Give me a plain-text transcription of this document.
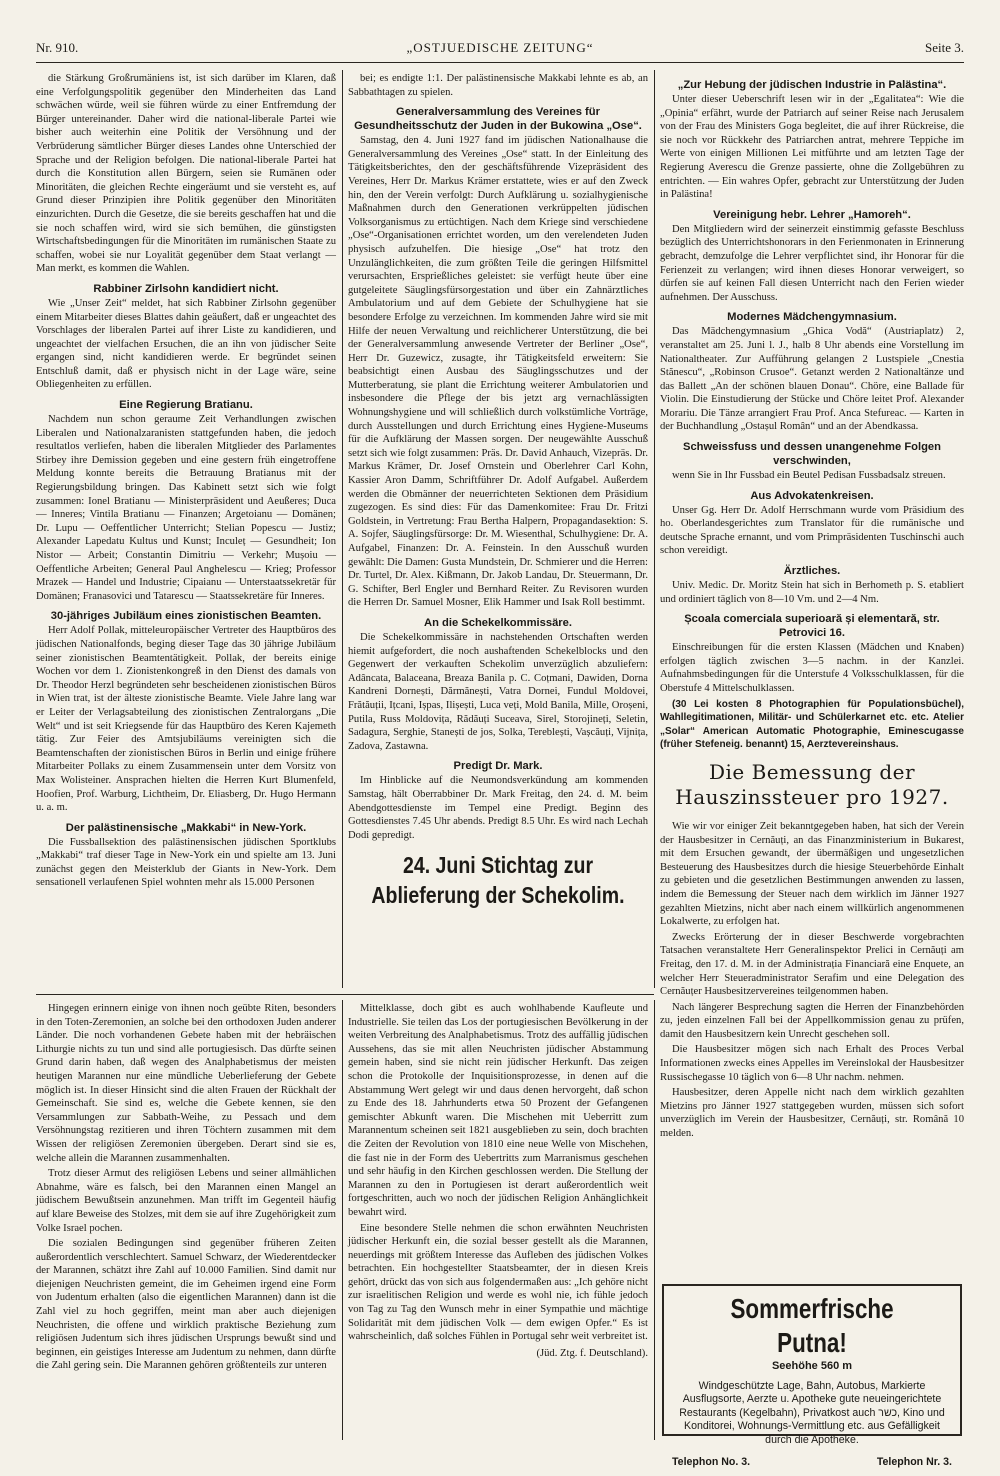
Nr. 910.	„OSTJUEDISCHE ZEITUNG“	Seite 3.

die Stärkung Großrumäniens ist, ist sich darüber im Klaren, daß eine Verfolgungspolitik gegenüber den Minderheiten das Land schwächen würde, weil sie führen würde zu einer Entfremdung der Bürger untereinander. Daher wird die national-liberale Partei wie bisher auch weiterhin eine Politik der Versöhnung und der Verbrüderung sämtlicher Bürger dieses Landes ohne Unterschied der Sprache und der Religion befolgen. Die national-liberale Partei hat durch die Konstitution allen Bürgern, seien sie Rumänen oder Minoritäten, die gleichen Rechte eingeräumt und sie versteht es, auf Grund dieser Prinzipien ihre Politik gegenüber den Minoritäten einzurichten. Durch die Gesetze, die sie bereits geschaffen hat und die sie noch schaffen wird, wird sie sich bemühen, die günstigsten Wirtschaftsbedingungen für die Minoritäten im rumänischen Staate zu schaffen, wobei sie nur Loyalität gegenüber dem Staat verlangt — Man merkt, es kommen die Wahlen.

Rabbiner Zirlsohn kandidiert nicht.

Wie „Unser Zeit“ meldet, hat sich Rabbiner Zirlsohn gegenüber einem Mitarbeiter dieses Blattes dahin geäußert, daß er ungeachtet des Vorschlages der liberalen Partei auf ihrer Liste zu kandidieren, und ungeachtet der vielfachen Ersuchen, die an ihn von jüdischer Seite ergangen sind, nicht kandidieren werde. Er begründet seinen Entschluß damit, daß er physisch nicht in der Lage wäre, seine Obliegenheiten zu erfüllen.

Eine Regierung Bratianu.

Nachdem nun schon geraume Zeit Verhandlungen zwischen Liberalen und Nationalzaranisten stattgefunden haben, die jedoch resultatlos verliefen, haben die liberalen Mitglieder des Parlamentes Stirbey ihre Demission gegeben und eine gestern früh eingetroffene Meldung konnte bereits die Betrauung Bratianus mit der Regierungsbildung bringen. Das Kabinett setzt sich wie folgt zusammen: Ionel Bratianu — Ministerpräsident und Aeußeres; Duca — Inneres; Vintila Bratianu — Finanzen; Argetoianu — Domänen; Dr. Lupu — Oeffentlicher Unterricht; Stelian Popescu — Justiz; Alexander Lapedatu Kultus und Kunst; Inculeț — Gesundheit; Ion Nistor — Arbeit; Constantin Dimitriu — Verkehr; Mușoiu — Oeffentliche Arbeiten; General Paul Anghelescu — Krieg; Professor Mrazek — Handel und Industrie; Cipaianu — Unterstaatssekretär für Domänen; Franasovici und Tatarescu — Staatssekretäre für Inneres.

30-jähriges Jubiläum eines zionistischen Beamten.

Herr Adolf Pollak, mitteleuropäischer Vertreter des Hauptbüros des jüdischen Nationalfonds, beging dieser Tage das 30 jährige Jubiläum seiner zionistischen Beamtentätigkeit. Pollak, der bereits einige Wochen vor dem 1. Zionistenkongreß in den Dienst des damals von Dr. Theodor Herzl begründeten sehr bescheidenen zionistischen Büros in Wien trat, ist der älteste zionistische Beamte. Viele Jahre lang war er Leiter der Verlagsabteilung des zionistischen Zentralorgans „Die Welt“ und ist seit Kriegsende für das Hauptbüro des Keren Kajemeth tätig. Zur Feier des Amtsjubiläums vereinigten sich die Beamtenschaften der zionistischen Büros in Berlin und einige frühere Mitarbeiter Pollaks zu einem Zusammensein unter dem Vorsitz von Max Wolisteiner. Ansprachen hielten die Herren Kurt Blumenfeld, Hoofien, Prof. Warburg, Lichtheim, Dr. Eliasberg, Dr. Hugo Hermann u. a. m.

Der palästinensische „Makkabi“ in New-York.

Die Fussballsektion des palästinensischen jüdischen Sportklubs „Makkabi“ traf dieser Tage in New-York ein und spielte am 13. Juni zunächst gegen den Meisterklub der Giants in New-York. Dem sensationell verlaufenen Spiel wohnten mehr als 15.000 Personen

bei; es endigte 1:1. Der palästinensische Makkabi lehnte es ab, an Sabbathtagen zu spielen.

Generalversammlung des Vereines für Gesundheitsschutz der Juden in der Bukowina „Ose“.

Samstag, den 4. Juni 1927 fand im jüdischen Nationalhause die Generalversammlung des Vereines „Ose“ statt. In der Einleitung des Tätigkeitsberichtes, den der geschäftsführende Vizepräsident des Vereines, Herr Dr. Markus Krämer erstattete, wies er auf den Zweck hin, den der Verein verfolgt: Durch Aufklärung u. sozialhygienische Maßnahmen durch den Generationen verkrüppelten jüdischen Volksorganismus zu ertüchtigen. Nach dem Kriege sind verschiedene „Ose“-Organisationen errichtet worden, um den verelendeten Juden physisch aufzuhelfen. Die hiesige „Ose“ hat trotz den Unzulänglichkeiten, die zum größten Teile die geringen Hilfsmittel verursachten, Ersprießliches geleistet: sie verfügt heute über eine gutgeleitete Säuglingsfürsorgestation und über ein Zahnärztliches Ambulatorium und auf dem Gebiete der Schulhygiene hat sie besondere Erfolge zu verzeichnen. Im kommenden Jahre wird sie mit Hilfe der neuen Verwaltung und reichlicherer Unterstützung, die bei der Generalversammlung anwesende Vertreter der Berliner „Ose“, Herr Dr. Guzewicz, zusagte, ihr Tätigkeitsfeld erweitern: Sie beabsichtigt einen Ausbau des Säuglingsschutzes und der Mutterberatung, sie plant die Errichtung weiterer Ambulatorien und insbesondere die Pflege der bis jetzt arg vernachlässigten Wohnungshygiene und will schließlich durch volkstümliche Vorträge, durch Ausstellungen und durch Errichtung eines Hygiene-Museums für die Aufklärung der Massen sorgen. Der neugewählte Ausschuß setzt sich wie folgt zusammen: Präs. Dr. David Anhauch, Vizepräs. Dr. Markus Krämer, Dr. Josef Ornstein und Oberlehrer Carl Kohn, Kassier Aron Damm, Schriftführer Dr. Adolf Aufgabel. Außerdem werden die Obmänner der neuerrichteten Sektionen dem Präsidium zugezogen. Es sind dies: Für das Damenkomitee: Frau Dr. Fritzi Goldstein, in Vertretung: Frau Bertha Halpern, Propagandasektion: S. A. Sojfer, Säuglingsfürsorge: Dr. M. Wiesenthal, Schulhygiene: Dr. A. Aufgabel, Finanzen: Dr. A. Feinstein. In den Ausschuß wurden gewählt: Die Damen: Gusta Mundstein, Dr. Schmierer und die Herren: Dr. Turtel, Dr. Alex. Kißmann, Dr. Jakob Landau, Dr. Steuermann, Dr. G. Schifter, Berl Engler und Bernhard Reiter. Zu Revisoren wurden die Herren Dr. Samuel Mosner, Elik Hammer und Isak Roll bestimmt.

An die Schekelkommissäre.

Die Schekelkommissäre in nachstehenden Ortschaften werden hiemit aufgefordert, die noch aushaftenden Schekelblocks und den Gegenwert der verkauften Schekolim unverzüglich abzuliefern: Adâncata, Balaceana, Breaza Banila p. C. Coțmani, Dawiden, Dorna Kandreni Dornești, Dărmănești, Vatra Dornei, Fundul Moldovei, Frătăuții, Ițcani, Ișpas, Ilișești, Luca veți, Mold Banila, Mille, Oroșeni, Putila, Russ Moldovița, Rădăuți Suceava, Sirel, Storojineți, Seletin, Sadagura, Serghie, Stanești de jos, Solka, Tereblești, Vașcăuți, Vijnița, Zadova, Zastawna.

Predigt Dr. Mark.

Im Hinblicke auf die Neumondsverkündung am kommenden Samstag, hält Oberrabbiner Dr. Mark Freitag, den 24. d. M. beim Abendgottesdienste im Tempel eine Predigt. Beginn des Gottesdienstes 7.45 Uhr abends. Predigt 8.5 Uhr. Es wird nach Lechah Dodi gepredigt.

24. Juni Stichtag zur Ablieferung der Schekolim.
„Zur Hebung der jüdischen Industrie in Palästina“.

Unter dieser Ueberschrift lesen wir in der „Egalitatea“: Wie die „Opinia“ erfährt, wurde der Patriarch auf seiner Reise nach Jerusalem von der Frau des Ministers Goga begleitet, die auf ihrer Rückreise, die sie noch vor Rückkehr des Patriarchen antrat, mehrere Teppiche im Werte von einigen Millionen Lei mitführte und am letzten Tage der Regierung Averescu die Grenze passierte, ohne die Zollgebühren zu entrichten. — Ein wahres Opfer, gebracht zur Unterstützung der Juden in Palästina!

Vereinigung hebr. Lehrer „Hamoreh“.

Den Mitgliedern wird der seinerzeit einstimmig gefasste Beschluss bezüglich des Unterrichtshonorars in den Ferienmonaten in Erinnerung gebracht, demzufolge die Lehrer verpflichtet sind, ihr Honorar für die Ferienzeit zu verlangen; wird ihnen dieses Honorar verweigert, so dürfen sie auf keinen Fall diesen Unterricht nach den Ferien wieder aufnehmen. Der Ausschuss.

Modernes Mädchengymnasium.

Das Mädchengymnasium „Ghica Vodă“ (Austriaplatz) 2, veranstaltet am 25. Juni l. J., halb 8 Uhr abends eine Vorstellung im Nationaltheater. Zur Aufführung gelangen 2 Lustspiele „Cnestia Stănescu“, „Robinson Crusoe“. Getanzt werden 2 Nationaltänze und das Ballett „An der schönen blauen Donau“. Chöre, eine Ballade für Violin. Die Einstudierung der Stücke und Chöre leitet Prof. Alexander Morariu. Die Tänze arrangiert Frau Prof. Anca Stefureac. — Karten in der Buchhandlung „Ostașul Român“ und an der Abendkassa.

Schweissfuss und dessen unangenehme Folgen verschwinden,

wenn Sie in Ihr Fussbad ein Beutel Pedisan Fussbadsalz streuen.

Aus Advokatenkreisen.

Unser Gg. Herr Dr. Adolf Herrschmann wurde vom Präsidium des ho. Oberlandesgerichtes zum Translator für die rumänische und deutsche Sprache ernannt, und vom Primpräsidenten Tuschinschi auch schon vereidigt.

Ärztliches.

Univ. Medic. Dr. Moritz Stein hat sich in Berhometh p. S. etabliert und ordiniert täglich von 8—10 Vm. und 2—4 Nm.

Școala comerciala superioară și elementară, str. Petrovici 16.

Einschreibungen für die ersten Klassen (Mädchen und Knaben) erfolgen täglich zwischen 3—5 nachm. in der Kanzlei. Aufnahmsbedingungen für die Unterstufe 4 Volksschulklassen, für die Oberstufe 4 Mittelschulklassen.

(30 Lei kosten 8 Photographien für Populationsbüchel), Wahllegitimationen, Militär- und Schülerkarnet etc. etc. Atelier „Solar“ American Automatic Photographie, Eminescugasse (früher Stefeneig. benannt) 15, Aerztevereinshaus.

Die Bemessung der Hauszinssteuer pro 1927.

Wie wir vor einiger Zeit bekanntgegeben haben, hat sich der Verein der Hausbesitzer in Cernăuți, an das Finanzministerium in Bukarest, mit dem Ersuchen gewandt, der übermäßigen und ungesetzlichen Besteuerung des Hausbesitzes durch die hiesige Steuerbehörde Einhalt zu gebieten und die gesetzlichen Bestimmungen anwenden zu lassen, indem die Bemessung der Steuer nach dem wirklich im Jänner 1927 gezahlten Mietzins, nicht aber nach einem willkürlich angenommenen Lokalwerte, zu erfolgen hat.

Zwecks Erörterung der in dieser Beschwerde vorgebrachten Tatsachen veranstaltete Herr Generalinspektor Prelici in Cernăuți am Freitag, den 17. d. M. in der Administrația Financiară eine Enquete, an welcher Herr Steueradministrator Serafim und eine Delegation des Cernăuțer Hausbesitzervereines teilgenommen haben.

Nach längerer Besprechung sagten die Herren der Finanzbehörden zu, jeden einzelnen Fall bei der Appellkommission genau zu prüfen, damit den Hausbesitzern kein Unrecht geschehen soll.

Die Hausbesitzer mögen sich nach Erhalt des Proces Verbal Informationen zwecks eines Appelles im Vereinslokal der Hausbesitzer Russischegasse 10 täglich von 6—8 Uhr nachm. nehmen.

Hausbesitzer, deren Appelle nicht nach dem wirklich gezahlten Mietzins pro Jänner 1927 stattgegeben wurden, müssen sich sofort unverzüglich im Verein der Hausbesitzer, Cernăuți, str. Română 10 melden.

Hingegen erinnern einige von ihnen noch geübte Riten, besonders in den Toten-Zeremonien, an solche bei den orthodoxen Juden anderer Länder. Die noch vorhandenen Gebete haben mit der hebräischen Lithurgie nichts zu tun und sind alle portugiesisch. Das dürfte seinen Grund darin haben, daß wegen des Analphabetismus der meisten heutigen Marannen nur eine mündliche Ueberlieferung der Gebete möglich ist. In dieser Hinsicht sind die alten Frauen der Rückhalt der Gemeinschaft. Sie sind es, welche die Gebete kennen, sie den Versammlungen zur Sabbath-Weihe, zu Pessach und dem Versöhnungstag rezitieren und ihren Töchtern zusammen mit dem Wissen der religiösen Zeremonien übergeben. Derart sind sie es, welche allein die Marannen zusammenhalten.

Trotz dieser Armut des religiösen Lebens und seiner allmählichen Abnahme, wäre es falsch, bei den Marannen einen Mangel an jüdischem Bewußtsein anzunehmen. Man trifft im Gegenteil häufig auf klare Beweise des Stolzes, mit dem sie auf ihre Zugehörigkeit zum Volke Israel pochen.

Die sozialen Bedingungen sind gegenüber früheren Zeiten außerordentlich verschlechtert. Samuel Schwarz, der Wiederentdecker der Marannen, schätzt ihre Zahl auf 10.000 Familien. Sind damit nur diejenigen Neuchristen gemeint, die im Geheimen irgend eine Form von Judentum erhalten (also die eigentlichen Marannen) dann ist die Zahl viel zu hoch gegriffen, meint man aber auch diejenigen Neuchristen, die offene und wirklich praktische Beziehung zum religiösen Judentum sich ihres jüdischen Ursprungs bewußt sind und beginnen, ein geistiges Interesse am Judentum zu nehmen, dann dürfte die Zahl gering sein. Die Marannen gehören größtenteils zur unteren

Mittelklasse, doch gibt es auch wohlhabende Kaufleute und Industrielle. Sie teilen das Los der portugiesischen Bevölkerung in der weiten Verbreitung des Analphabetismus. Trotz des auffällig jüdischen Aussehens, das sie mit allen Neuchristen jüdischer Abstammung gemein haben, sind sie nicht rein jüdischer Herkunft. Das zeigen schon die Protokolle der Inquisitionsprozesse, in denen auf die Abstammung Wert gelegt wir und daus denen hervorgeht, daß schon zu Ende des 18. Jahrhunderts etwa 50 Prozent der Gefangenen gemischter Abkunft waren. Die Mischehen mit Ueberritt zum Marannentum scheinen seit 1821 ausgeblieben zu sein, doch brachten die Zeiten der Revolution von 1810 eine neue Welle von Mischehen, die fast nie in der Form des Uebertritts zum Marranismus geschehen und sehr häufig in den Kirchen geschlossen werden. Die Stellung der Marannen zu den in Portugiesen ist derart außerordentlich weit fortgeschritten, auch wo noch der jüdischen Religion Anhänglichkeit bewahrt wird.

Eine besondere Stelle nehmen die schon erwähnten Neuchristen jüdischer Herkunft ein, die sozial besser gestellt als die Marannen, neuerdings mit größtem Interesse das Aufleben des jüdischen Volkes betrachten. Ein hochgestellter Staatsbeamter, der in diesen Kreis gehört, drückt das von sich aus folgendermaßen aus: „Ich gehöre nicht zur israelitischen Religion und werde es wohl nie, ich fühle jedoch von Tag zu Tag den Wunsch mehr in einer Sympathie und mächtige Solidarität mit dem jüdischen Volk — dem ewigen Opfer.“ Es ist wahrscheinlich, daß solches Fühlen in Portugal sehr weit verbreitet ist.

(Jüd. Ztg. f. Deutschland).

Sommerfrische Putna!
Seehöhe 560 m
Windgeschützte Lage, Bahn, Autobus, Markierte Ausflugsorte, Aerzte u. Apotheke gute neueingerichtete Restaurants (Kegelbahn), Privatkost auch כשר, Kino und Konditorei, Wohnungs-Vermittlung etc. aus Gefälligkeit durch die Apotheke.
Telephon No. 3.	Telephon Nr. 3.
